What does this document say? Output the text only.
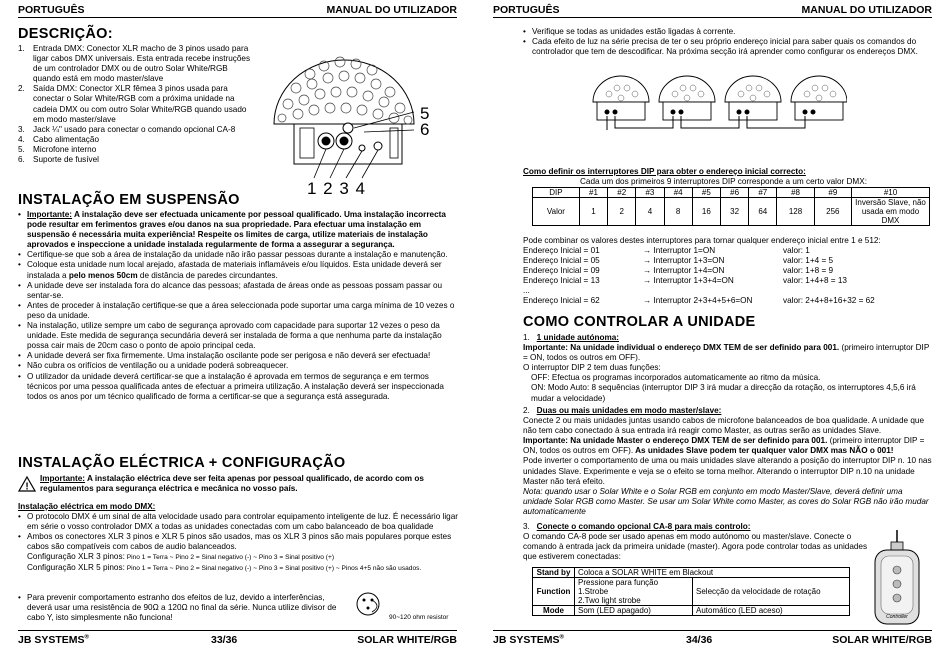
PORTUGUÊS	MANUAL DO UTILIZADOR
DESCRIÇÃO:
1. Entrada DMX: Conector XLR macho de 3 pinos usado para ligar cabos DMX universais. Esta entrada recebe instruções de um controlador DMX ou de outro Solar White/RGB quando está em modo master/slave
2. Saída DMX: Conector XLR fêmea 3 pinos usada para conectar o Solar White/RGB com a próxima unidade na cadeia DMX ou com outro Solar White/RGB quando usado em modo master/slave
3. Jack ¼" usado para conectar o comando opcional CA-8
4. Cabo alimentação
5. Microfone interno
6. Suporte de fusível
5
6
1 2 3 4
INSTALAÇÃO EM SUSPENSÃO
• Importante: A instalação deve ser efectuada unicamente por pessoal qualificado. Uma instalação incorrecta pode resultar em ferimentos graves e/ou danos na sua propriedade. Para efectuar uma instalação em suspensão é necessária muita experiência! Respeite os limites de carga, utilize materiais de instalação aprovados e inspeccione a unidade instalada regularmente de forma a assegurar a segurança.
• Certifique-se que sob a área de instalação da unidade não irão passar pessoas durante a instalação e manutenção.
• Coloque esta unidade num local arejado, afastada de materiais inflamáveis e/ou líquidos. Esta unidade deverá ser instalada a pelo menos 50cm de distância de paredes circundantes.
• A unidade deve ser instalada fora do alcance das pessoas; afastada de áreas onde as pessoas possam passar ou sentar-se.
• Antes de proceder à instalação certifique-se que a área seleccionada pode suportar uma carga mínima de 10 vezes o peso da unidade.
• Na instalação, utilize sempre um cabo de segurança aprovado com capacidade para suportar 12 vezes o peso da unidade. Este medida de segurança secundária deverá ser instalada de forma a que nenhuma parte da instalação possa cair mais de 20cm caso o ponto de apoio principal ceda.
• A unidade deverá ser fixa firmemente. Uma instalação oscilante pode ser perigosa e não deverá ser efectuada!
• Não cubra os orifícios de ventilação ou a unidade poderá sobreaquecer.
• O utilizador da unidade deverá certificar-se que a instalação é aprovada em termos de segurança e em termos técnicos por uma pessoa qualificada antes de efectuar a primeira utilização. A instalação deverá ser inspeccionada todos os anos por um técnico qualificado de forma a certificar-se que a segurança está assegurada.
INSTALAÇÃO ELÉCTRICA + CONFIGURAÇÃO
!
Importante: A instalação eléctrica deve ser feita apenas por pessoal qualificado, de acordo com os regulamentos para segurança eléctrica e mecânica no vosso país.
Instalação eléctrica em modo DMX:
• O protocolo DMX é um sinal de alta velocidade usado para controlar equipamento inteligente de luz. É necessário ligar em série o vosso controlador DMX a todas as unidades conectadas com um cabo balanceado de boa qualidade
• Ambos os conectores XLR 3 pinos e XLR 5 pinos são usados, mas os XLR 3 pinos são mais populares porque estes cabos são compatíveis com cabos de audio balanceados.
Configuração XLR 3 pinos: Pino 1 = Terra ~ Pino 2 = Sinal negativo (-) ~ Pino 3 = Sinal positivo (+)
Configuração XLR 5 pinos: Pino 1 = Terra ~ Pino 2 = Sinal negativo (-) ~ Pino 3 = Sinal positivo (+) ~ Pinos 4+5 não são usados.
• Para prevenir comportamento estranho dos efeitos de luz, devido a interferências, deverá usar uma resistência de 90Ω a 120Ω no final da série. Nunca utilize divisor de cabo Y, isto simplesmente não funciona!	90~120 ohm resistor
JB SYSTEMS®	33/36	SOLAR WHITE/RGB
PORTUGUÊS	MANUAL DO UTILIZADOR
• Verifique se todas as unidades estão ligadas à corrente.
• Cada efeito de luz na série precisa de ter o seu próprio endereço inicial para saber quais os comandos do controlador que tem de descodificar. Na próxima secção irá aprender como configurar os endereços DMX.
Como definir os interruptores DIP para obter o endereço inicial correcto:
Cada um dos primeiros 9 interruptores DIP corresponde a um certo valor DMX:
DIP	#1	#2	#3	#4	#5	#6	#7	#8	#9	#10
Valor	1	2	4	8	16	32	64	128	256	Inversão Slave, não usada em modo DMX
Pode combinar os valores destes interruptores para tornar qualquer endereço inicial entre 1 e 512:
Endereço Inicial = 01	→ Interruptor 1=ON	valor: 1
Endereço Inicial = 05	→ Interruptor 1+3=ON	valor: 1+4 = 5
Endereço Inicial = 09	→ Interruptor 1+4=ON	valor: 1+8 = 9
Endereço Inicial = 13	→ Interruptor 1+3+4=ON	valor: 1+4+8 = 13
...
Endereço Inicial = 62	→ Interruptor 2+3+4+5+6=ON	valor: 2+4+8+16+32 = 62
COMO CONTROLAR A UNIDADE

1. 1 unidade autónoma:

Importante: Na unidade individual o endereço DMX TEM de ser definido para 001. (primeiro interruptor DIP = ON, todos os outros em OFF).

O interruptor DIP 2 tem duas funções:

OFF: Efectua os programas incorporados automaticamente ao ritmo da música.

ON: Modo Auto: 8 sequências (interruptor DIP 3 irá mudar a direcção da rotação, os interruptores 4,5,6 irá mudar a velocidade)

2. Duas ou mais unidades em modo master/slave:

Conecte 2 ou mais unidades juntas usando cabos de microfone balanceados de boa qualidade. A unidade que não tem cabo conectado à sua entrada irá reagir como Master, as outras serão as unidades Slave.

Importante: Na unidade Master o endereço DMX TEM de ser definido para 001. (primeiro interruptor DIP = ON, todos os outros em OFF). As unidades Slave podem ter qualquer valor DMX mas NÃO o 001!

Pode inverter o comportamento de uma ou mais unidades slave alterando a posição do interruptor DIP n. 10 nas unidades Slave. Experimente e veja se o efeito se torna melhor. Alterando o interruptor DIP n.10 na unidade Master não terá efeito.

Nota: quando usar o Solar White e o Solar RGB em conjunto em modo Master/Slave, deverá definir uma unidade Solar RGB como Master. Se usar um Solar White como Master, as cores do Solar RGB não irão mudar automaticamente

3. Conecte o comando opcional CA-8 para mais controlo:

O comando CA-8 pode ser usado apenas em modo autónomo ou master/slave. Conecte o comando à entrada jack da primeira unidade (master). Agora pode controlar todas as unidades que estiverem conectadas:

Stand by	Coloca a SOLAR WHITE em Blackout	
Function	Pressione para função
1.Strobe
2.Two light strobe	Selecção da velocidade de rotação
Mode	Som (LED apagado)	Automático (LED aceso)
Controller
JB SYSTEMS®	34/36	SOLAR WHITE/RGB
